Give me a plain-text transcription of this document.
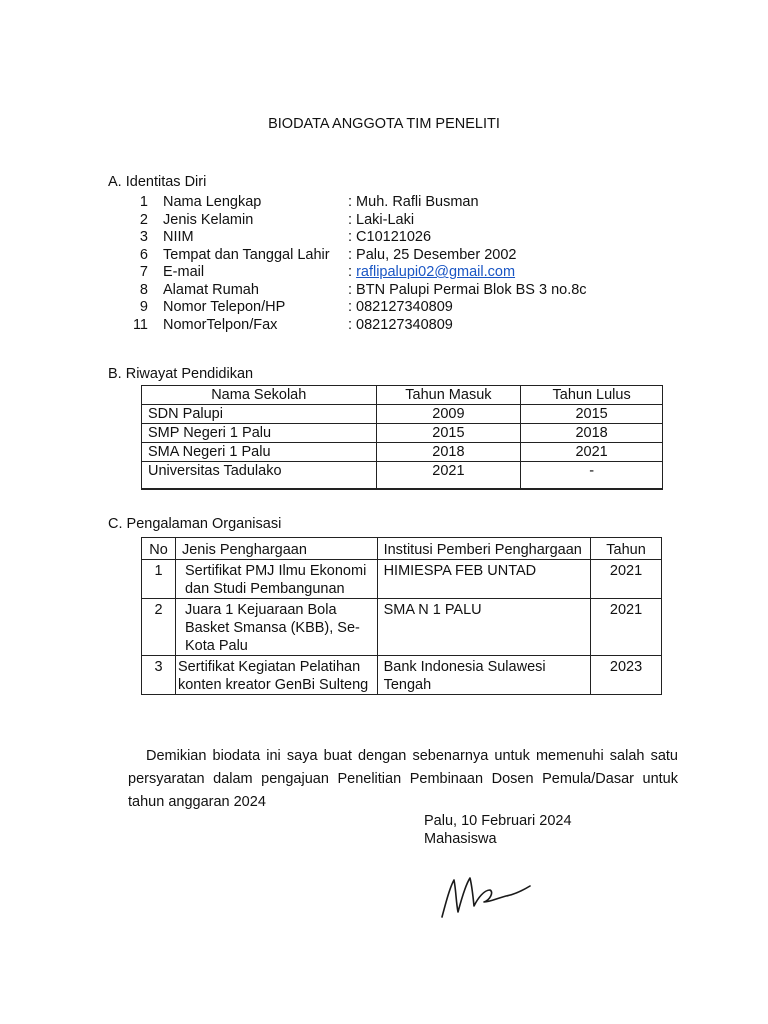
BIODATA ANGGOTA TIM PENELITI
A. Identitas Diri
1 Nama Lengkap	: Muh. Rafli Busman
2 Jenis Kelamin	: Laki-Laki
3 NIIM	: C10121026
6 Tempat dan Tanggal Lahir : Palu, 25 Desember 2002
7 E-mail	: raflipalupi02@gmail.com
8 Alamat Rumah	: BTN Palupi Permai Blok BS 3 no.8c
9 Nomor Telepon/HP	: 082127340809
11 NomorTelpon/Fax	: 082127340809
B. Riwayat Pendidikan
Nama Sekolah	Tahun Masuk	Tahun Lulus
SDN Palupi	2009	2015
SMP Negeri 1 Palu	2015	2018
SMA Negeri 1 Palu	2018	2021
Universitas Tadulako	2021	-
C. Pengalaman Organisasi
No	Jenis Penghargaan	Institusi Pemberi Penghargaan	Tahun
1	Sertifikat PMJ Ilmu Ekonomi dan Studi Pembangunan	HIMIESPA FEB UNTAD	2021
2	Juara 1 Kejuaraan Bola Basket Smansa (KBB), Se-Kota Palu	SMA N 1 PALU	2021
3	Sertifikat Kegiatan Pelatihan konten kreator GenBi Sulteng	Bank Indonesia Sulawesi Tengah	2023
Demikian biodata ini saya buat dengan sebenarnya untuk memenuhi salah satu persyaratan dalam pengajuan Penelitian Pembinaan Dosen Pemula/Dasar untuk tahun anggaran 2024
Palu, 10 Februari 2024
Mahasiswa
